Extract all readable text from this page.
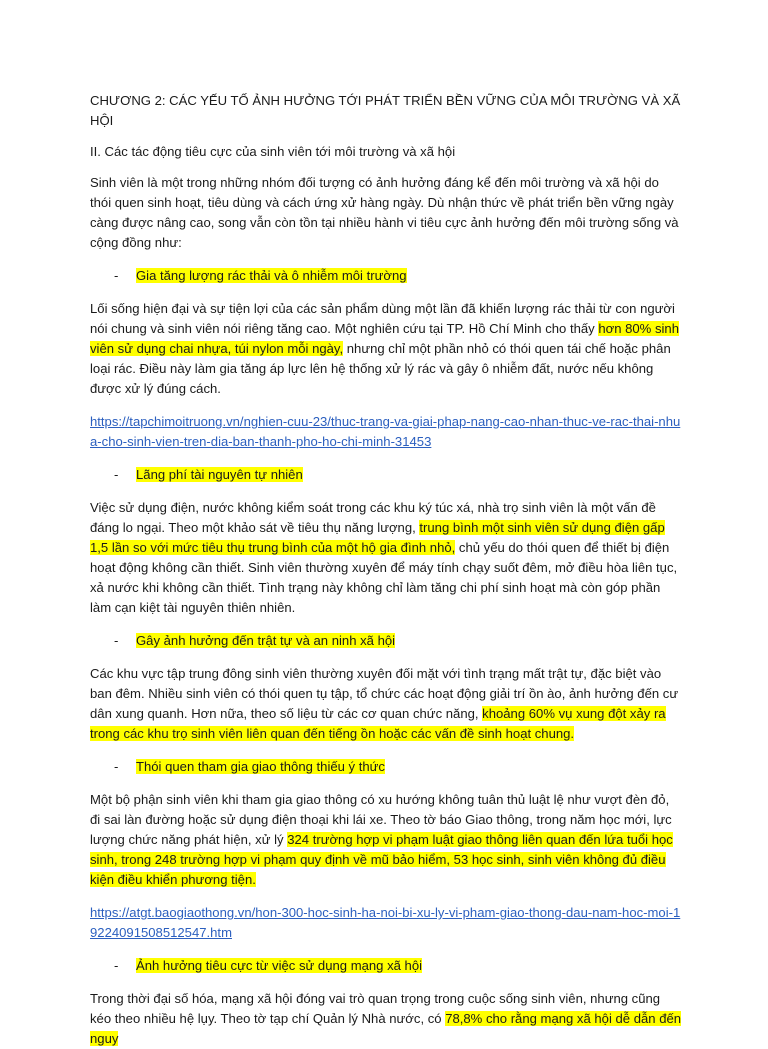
CHƯƠNG 2: CÁC YẾU TỐ ẢNH HƯỞNG TỚI PHÁT TRIỂN BỀN VỮNG CỦA MÔI TRƯỜNG VÀ XÃ HỘI

II. Các tác động tiêu cực của sinh viên tới môi trường và xã hội

Sinh viên là một trong những nhóm đối tượng có ảnh hưởng đáng kể đến môi trường và xã hội do thói quen sinh hoạt, tiêu dùng và cách ứng xử hàng ngày. Dù nhận thức về phát triển bền vững ngày càng được nâng cao, song vẫn còn tồn tại nhiều hành vi tiêu cực ảnh hưởng đến môi trường sống và cộng đồng như:

-	Gia tăng lượng rác thải và ô nhiễm môi trường

Lối sống hiện đại và sự tiện lợi của các sản phẩm dùng một lần đã khiến lượng rác thải từ con người nói chung và sinh viên nói riêng tăng cao. Một nghiên cứu tại TP. Hồ Chí Minh cho thấy hơn 80% sinh viên sử dụng chai nhựa, túi nylon mỗi ngày, nhưng chỉ một phần nhỏ có thói quen tái chế hoặc phân loại rác. Điều này làm gia tăng áp lực lên hệ thống xử lý rác và gây ô nhiễm đất, nước nếu không được xử lý đúng cách.

https://tapchimoitruong.vn/nghien-cuu-23/thuc-trang-va-giai-phap-nang-cao-nhan-thuc-ve-rac-thai-nhua-cho-sinh-vien-tren-dia-ban-thanh-pho-ho-chi-minh-31453

-	Lãng phí tài nguyên tự nhiên

Việc sử dụng điện, nước không kiểm soát trong các khu ký túc xá, nhà trọ sinh viên là một vấn đề đáng lo ngại. Theo một khảo sát về tiêu thụ năng lượng, trung bình một sinh viên sử dụng điện gấp 1,5 lần so với mức tiêu thụ trung bình của một hộ gia đình nhỏ, chủ yếu do thói quen để thiết bị điện hoạt động không cần thiết. Sinh viên thường xuyên để máy tính chạy suốt đêm, mở điều hòa liên tục, xả nước khi không cần thiết. Tình trạng này không chỉ làm tăng chi phí sinh hoạt mà còn góp phần làm cạn kiệt tài nguyên thiên nhiên.

-	Gây ảnh hưởng đến trật tự và an ninh xã hội

Các khu vực tập trung đông sinh viên thường xuyên đối mặt với tình trạng mất trật tự, đặc biệt vào ban đêm. Nhiều sinh viên có thói quen tụ tập, tổ chức các hoạt động giải trí ồn ào, ảnh hưởng đến cư dân xung quanh. Hơn nữa, theo số liệu từ các cơ quan chức năng, khoảng 60% vụ xung đột xảy ra trong các khu trọ sinh viên liên quan đến tiếng ồn hoặc các vấn đề sinh hoạt chung.

-	Thói quen tham gia giao thông thiếu ý thức

Một bộ phận sinh viên khi tham gia giao thông có xu hướng không tuân thủ luật lệ như vượt đèn đỏ, đi sai làn đường hoặc sử dụng điện thoại khi lái xe. Theo tờ báo Giao thông, trong năm học mới, lực lượng chức năng phát hiện, xử lý 324 trường hợp vi phạm luật giao thông liên quan đến lứa tuổi học sinh, trong 248 trường hợp vi phạm quy định về mũ bảo hiểm, 53 học sinh, sinh viên không đủ điều kiện điều khiển phương tiện.

https://atgt.baogiaothong.vn/hon-300-hoc-sinh-ha-noi-bi-xu-ly-vi-pham-giao-thong-dau-nam-hoc-moi-19224091508512547.htm

-	Ảnh hưởng tiêu cực từ việc sử dụng mạng xã hội

Trong thời đại số hóa, mạng xã hội đóng vai trò quan trọng trong cuộc sống sinh viên, nhưng cũng kéo theo nhiều hệ lụy. Theo tờ tạp chí Quản lý Nhà nước, có 78,8% cho rằng mạng xã hội dễ dẫn đến nguy
